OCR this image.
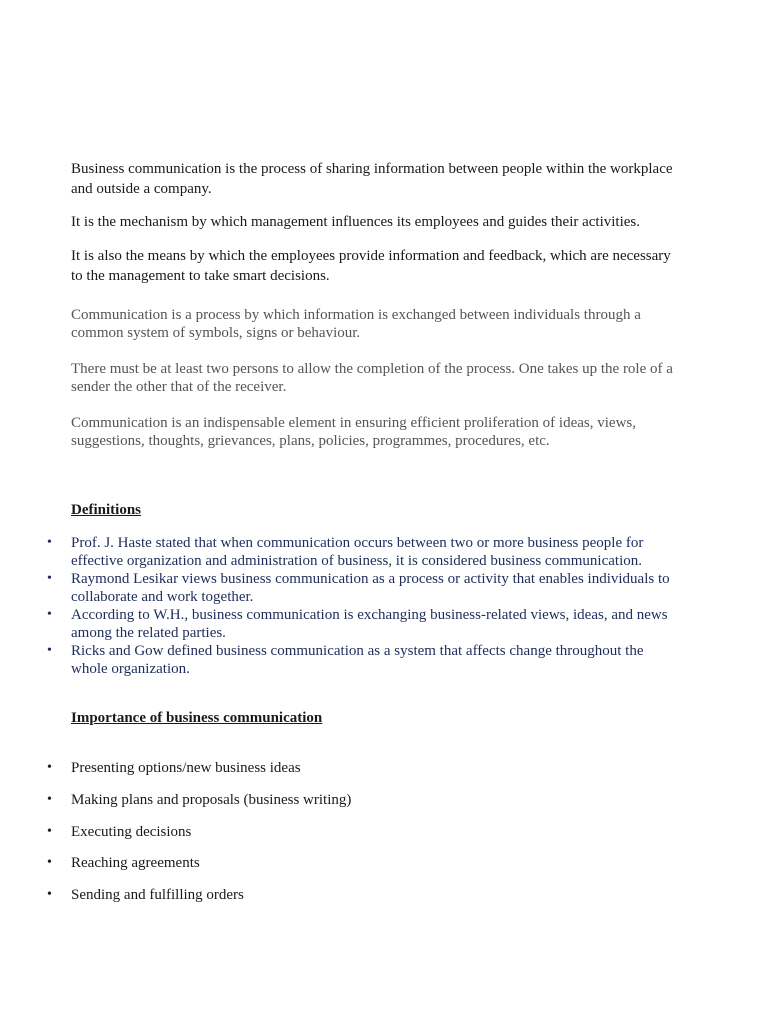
Business communication is the process of sharing information between people within the workplace and outside a company.

It is the mechanism by which management influences its employees and guides their activities.

It is also the means by which the employees provide information and feedback, which are necessary to the management to take smart decisions.

Communication is a process by which information is exchanged between individuals through a common system of symbols, signs or behaviour.

There must be at least two persons to allow the completion of the process. One takes up the role of a sender the other that of the receiver.

Communication is an indispensable element in ensuring efficient proliferation of ideas, views, suggestions, thoughts, grievances, plans, policies, programmes, procedures, etc.

Definitions
• Prof. J. Haste stated that when communication occurs between two or more business people for effective organization and administration of business, it is considered business communication.
• Raymond Lesikar views business communication as a process or activity that enables individuals to collaborate and work together.
• According to W.H., business communication is exchanging business-related views, ideas, and news among the related parties.
• Ricks and Gow defined business communication as a system that affects change throughout the whole organization.
Importance of business communication
• Presenting options/new business ideas
• Making plans and proposals (business writing)
• Executing decisions
• Reaching agreements
• Sending and fulfilling orders
